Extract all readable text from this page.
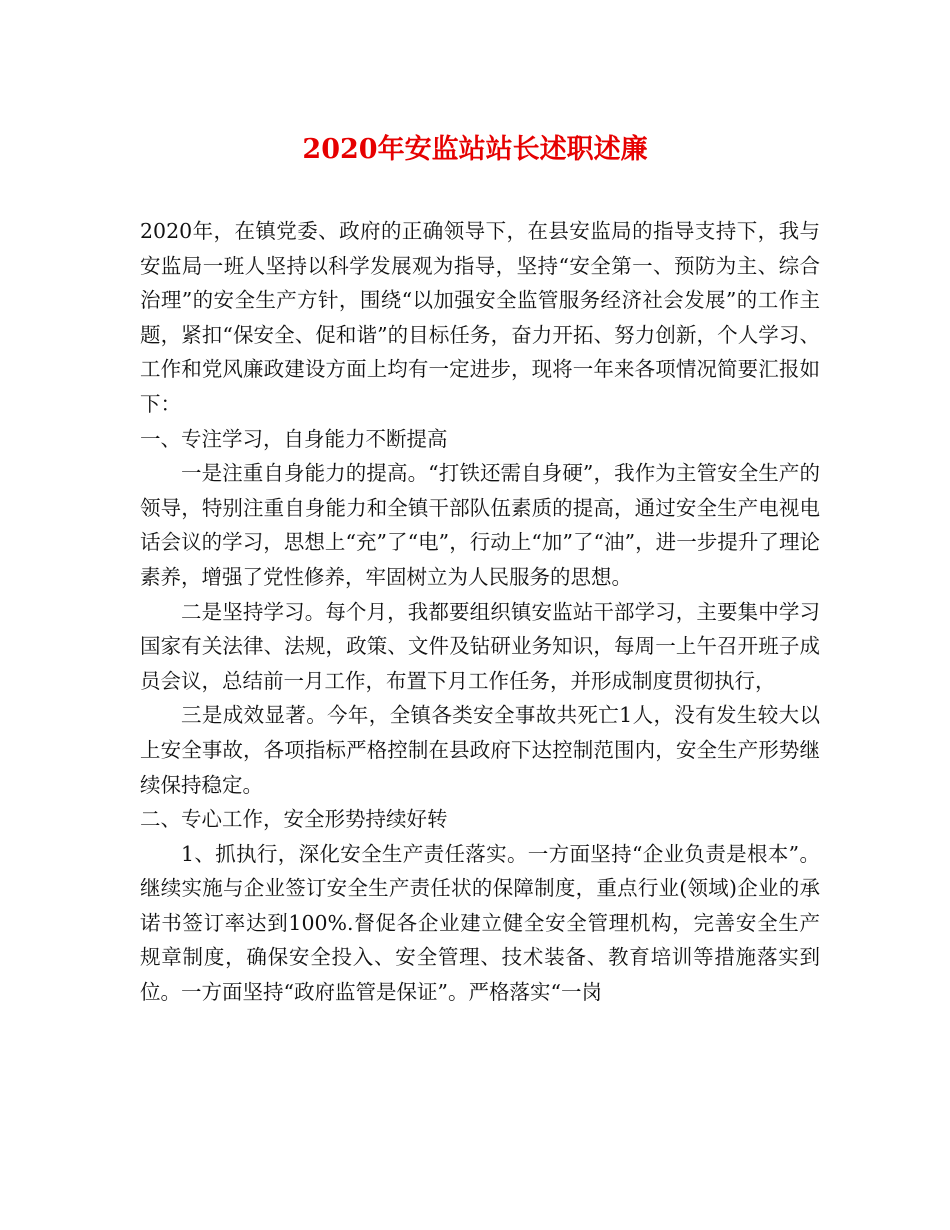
2020年安监站站长述职述廉

2020年，在镇党委、政府的正确领导下，在县安监局的指导支持下，我与安监局一班人坚持以科学发展观为指导，坚持“安全第一、预防为主、综合治理”的安全生产方针，围绕“以加强安全监管服务经济社会发展”的工作主题，紧扣“保安全、促和谐”的目标任务，奋力开拓、努力创新，个人学习、工作和党风廉政建设方面上均有一定进步，现将一年来各项情况简要汇报如下：

一、专注学习，自身能力不断提高

一是注重自身能力的提高。“打铁还需自身硬”，我作为主管安全生产的领导，特别注重自身能力和全镇干部队伍素质的提高，通过安全生产电视电话会议的学习，思想上“充”了“电”，行动上“加”了“油”，进一步提升了理论素养，增强了党性修养，牢固树立为人民服务的思想。

二是坚持学习。每个月，我都要组织镇安监站干部学习，主要集中学习国家有关法律、法规，政策、文件及钻研业务知识，每周一上午召开班子成员会议，总结前一月工作，布置下月工作任务，并形成制度贯彻执行，

三是成效显著。今年，全镇各类安全事故共死亡1人，没有发生较大以上安全事故，各项指标严格控制在县政府下达控制范围内，安全生产形势继续保持稳定。

二、专心工作，安全形势持续好转

1、抓执行，深化安全生产责任落实。一方面坚持“企业负责是根本”。继续实施与企业签订安全生产责任状的保障制度，重点行业(领域)企业的承诺书签订率达到100%.督促各企业建立健全安全管理机构，完善安全生产规章制度，确保安全投入、安全管理、技术装备、教育培训等措施落实到位。一方面坚持“政府监管是保证”。严格落实“一岗
